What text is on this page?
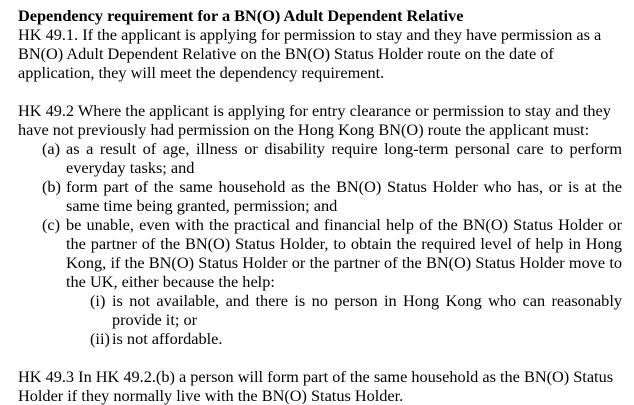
Dependency requirement for a BN(O) Adult Dependent Relative

HK 49.1. If the applicant is applying for permission to stay and they have permission as a BN(O) Adult Dependent Relative on the BN(O) Status Holder route on the date of application, they will meet the dependency requirement.

HK 49.2 Where the applicant is applying for entry clearance or permission to stay and they have not previously had permission on the Hong Kong BN(O) route the applicant must:

(a) as a result of age, illness or disability require long-term personal care to perform everyday tasks; and
(b) form part of the same household as the BN(O) Status Holder who has, or is at the same time being granted, permission; and
(c) be unable, even with the practical and financial help of the BN(O) Status Holder or the partner of the BN(O) Status Holder, to obtain the required level of help in Hong Kong, if the BN(O) Status Holder or the partner of the BN(O) Status Holder move to the UK, either because the help:
(i) is not available, and there is no person in Hong Kong who can reasonably provide it; or
(ii) is not affordable.

HK 49.3 In HK 49.2.(b) a person will form part of the same household as the BN(O) Status Holder if they normally live with the BN(O) Status Holder.
